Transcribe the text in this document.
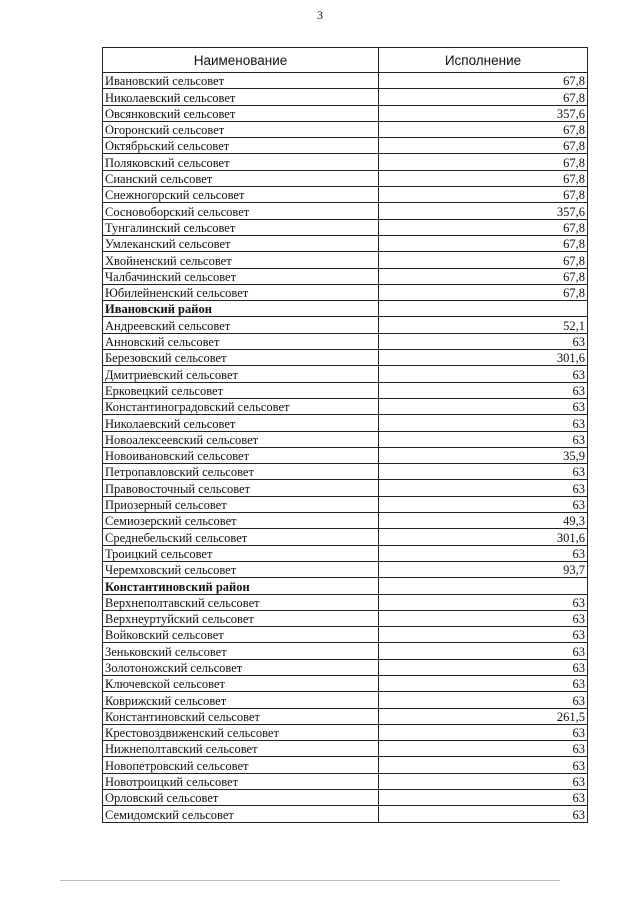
3
Наименование	Исполнение
Ивановский сельсовет	67,8
Николаевский сельсовет	67,8
Овсянковский сельсовет	357,6
Огоронский сельсовет	67,8
Октябрьский сельсовет	67,8
Поляковский сельсовет	67,8
Сианский сельсовет	67,8
Снежногорский сельсовет	67,8
Сосновоборский сельсовет	357,6
Тунгалинский сельсовет	67,8
Умлеканский сельсовет	67,8
Хвойненский сельсовет	67,8
Чалбачинский сельсовет	67,8
Юбилейненский сельсовет	67,8
Ивановский район	
Андреевский сельсовет	52,1
Анновский сельсовет	63
Березовский сельсовет	301,6
Дмитриевский сельсовет	63
Ерковецкий сельсовет	63
Константиноградовский сельсовет	63
Николаевский сельсовет	63
Новоалексеевский сельсовет	63
Новоивановский сельсовет	35,9
Петропавловский сельсовет	63
Правовосточный сельсовет	63
Приозерный сельсовет	63
Семиозерский сельсовет	49,3
Среднебельский сельсовет	301,6
Троицкий сельсовет	63
Черемховский сельсовет	93,7
Константиновский район	
Верхнеполтавский сельсовет	63
Верхнеуртуйский сельсовет	63
Войковский сельсовет	63
Зеньковский сельсовет	63
Золотоножский сельсовет	63
Ключевской сельсовет	63
Коврижский сельсовет	63
Константиновский сельсовет	261,5
Крестовоздвиженский сельсовет	63
Нижнеполтавский сельсовет	63
Новопетровский сельсовет	63
Новотроицкий сельсовет	63
Орловский сельсовет	63
Семидомский сельсовет	63
